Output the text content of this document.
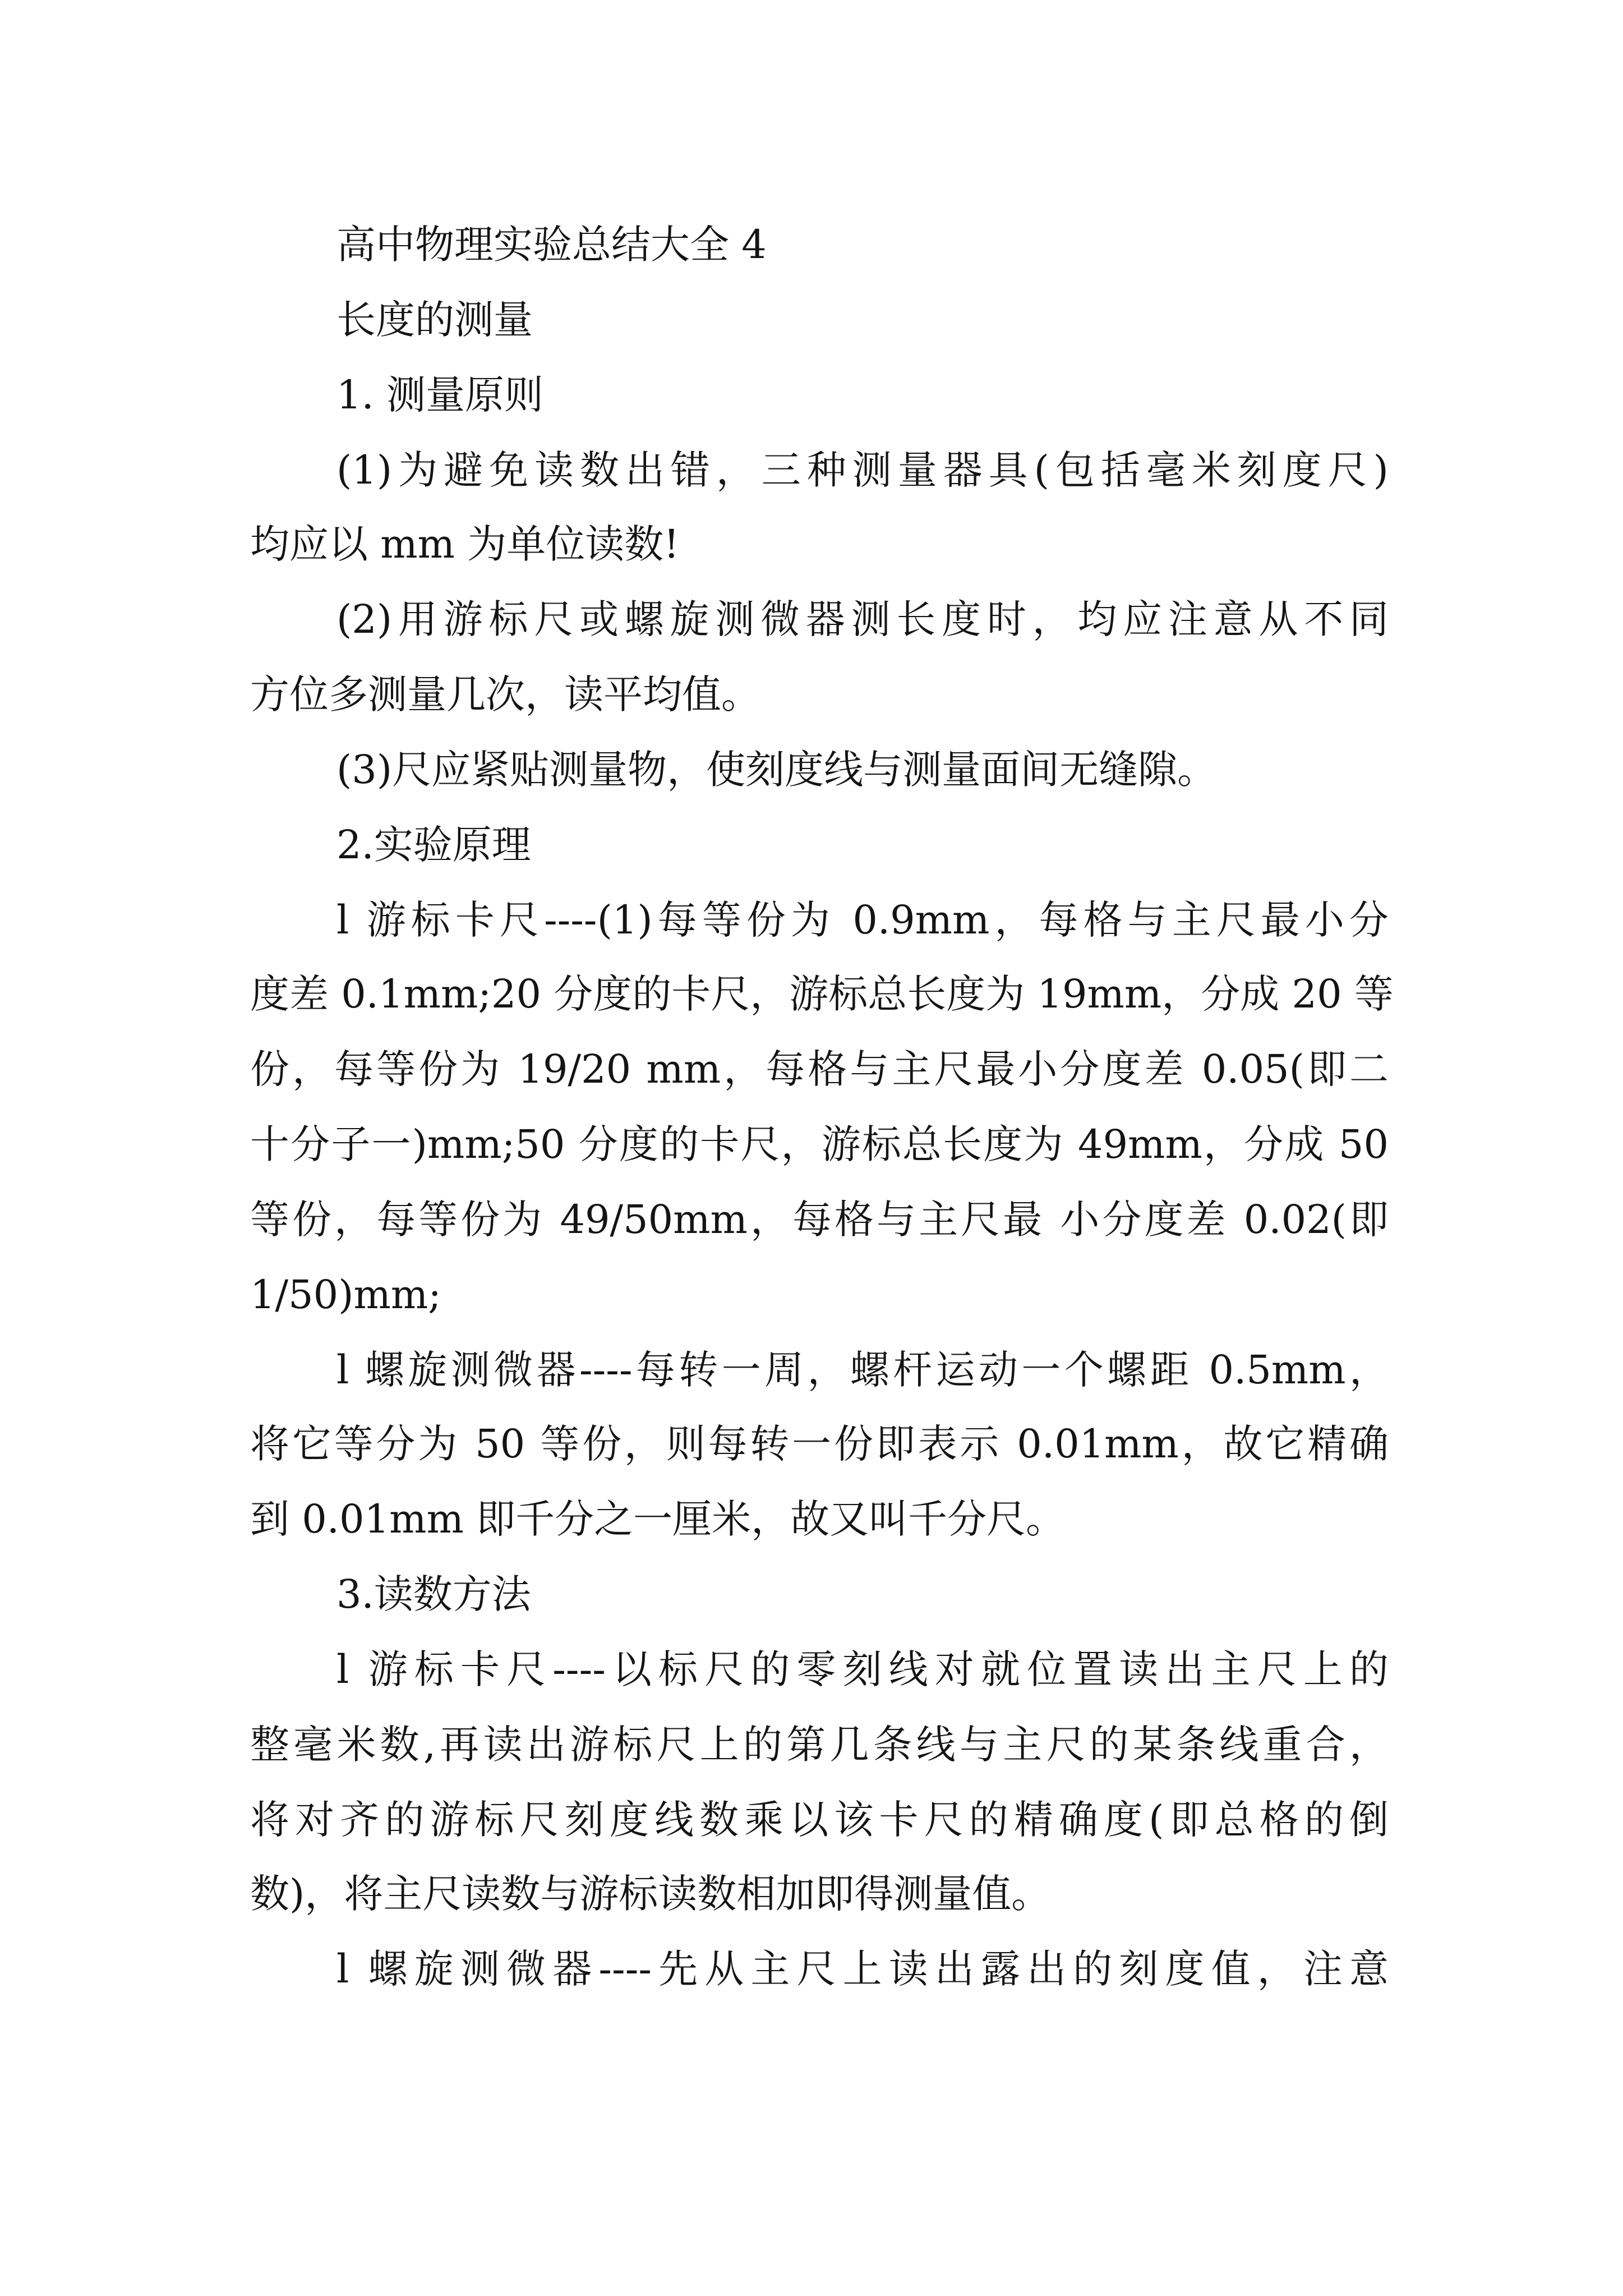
高中物理实验总结大全 4
长度的测量
1. 测量原则
(1)为避免读数出错，三种测量器具(包括毫米刻度尺)
均应以 mm 为单位读数!
(2)用游标尺或螺旋测微器测长度时，均应注意从不同
方位多测量几次，读平均值。
(3)尺应紧贴测量物，使刻度线与测量面间无缝隙。
2.实验原理
l 游标卡尺----(1)每等份为 0.9mm，每格与主尺最小分
度差 0.1mm;20 分度的卡尺，游标总长度为 19mm，分成 20 等
份，每等份为 19/20 mm，每格与主尺最小分度差 0.05(即二
十分子一)mm;50 分度的卡尺，游标总长度为 49mm，分成 50
等份，每等份为 49/50mm，每格与主尺最 小分度差 0.02(即
1/50)mm;
l 螺旋测微器----每转一周，螺杆运动一个螺距 0.5mm，
将它等分为 50 等份，则每转一份即表示 0.01mm，故它精确
到 0.01mm 即千分之一厘米，故又叫千分尺。
3.读数方法
l 游标卡尺----以标尺的零刻线对就位置读出主尺上的
整毫米数,再读出游标尺上的第几条线与主尺的某条线重合，
将对齐的游标尺刻度线数乘以该卡尺的精确度(即总格的倒
数)，将主尺读数与游标读数相加即得测量值。
l 螺旋测微器----先从主尺上读出露出的刻度值，注意
